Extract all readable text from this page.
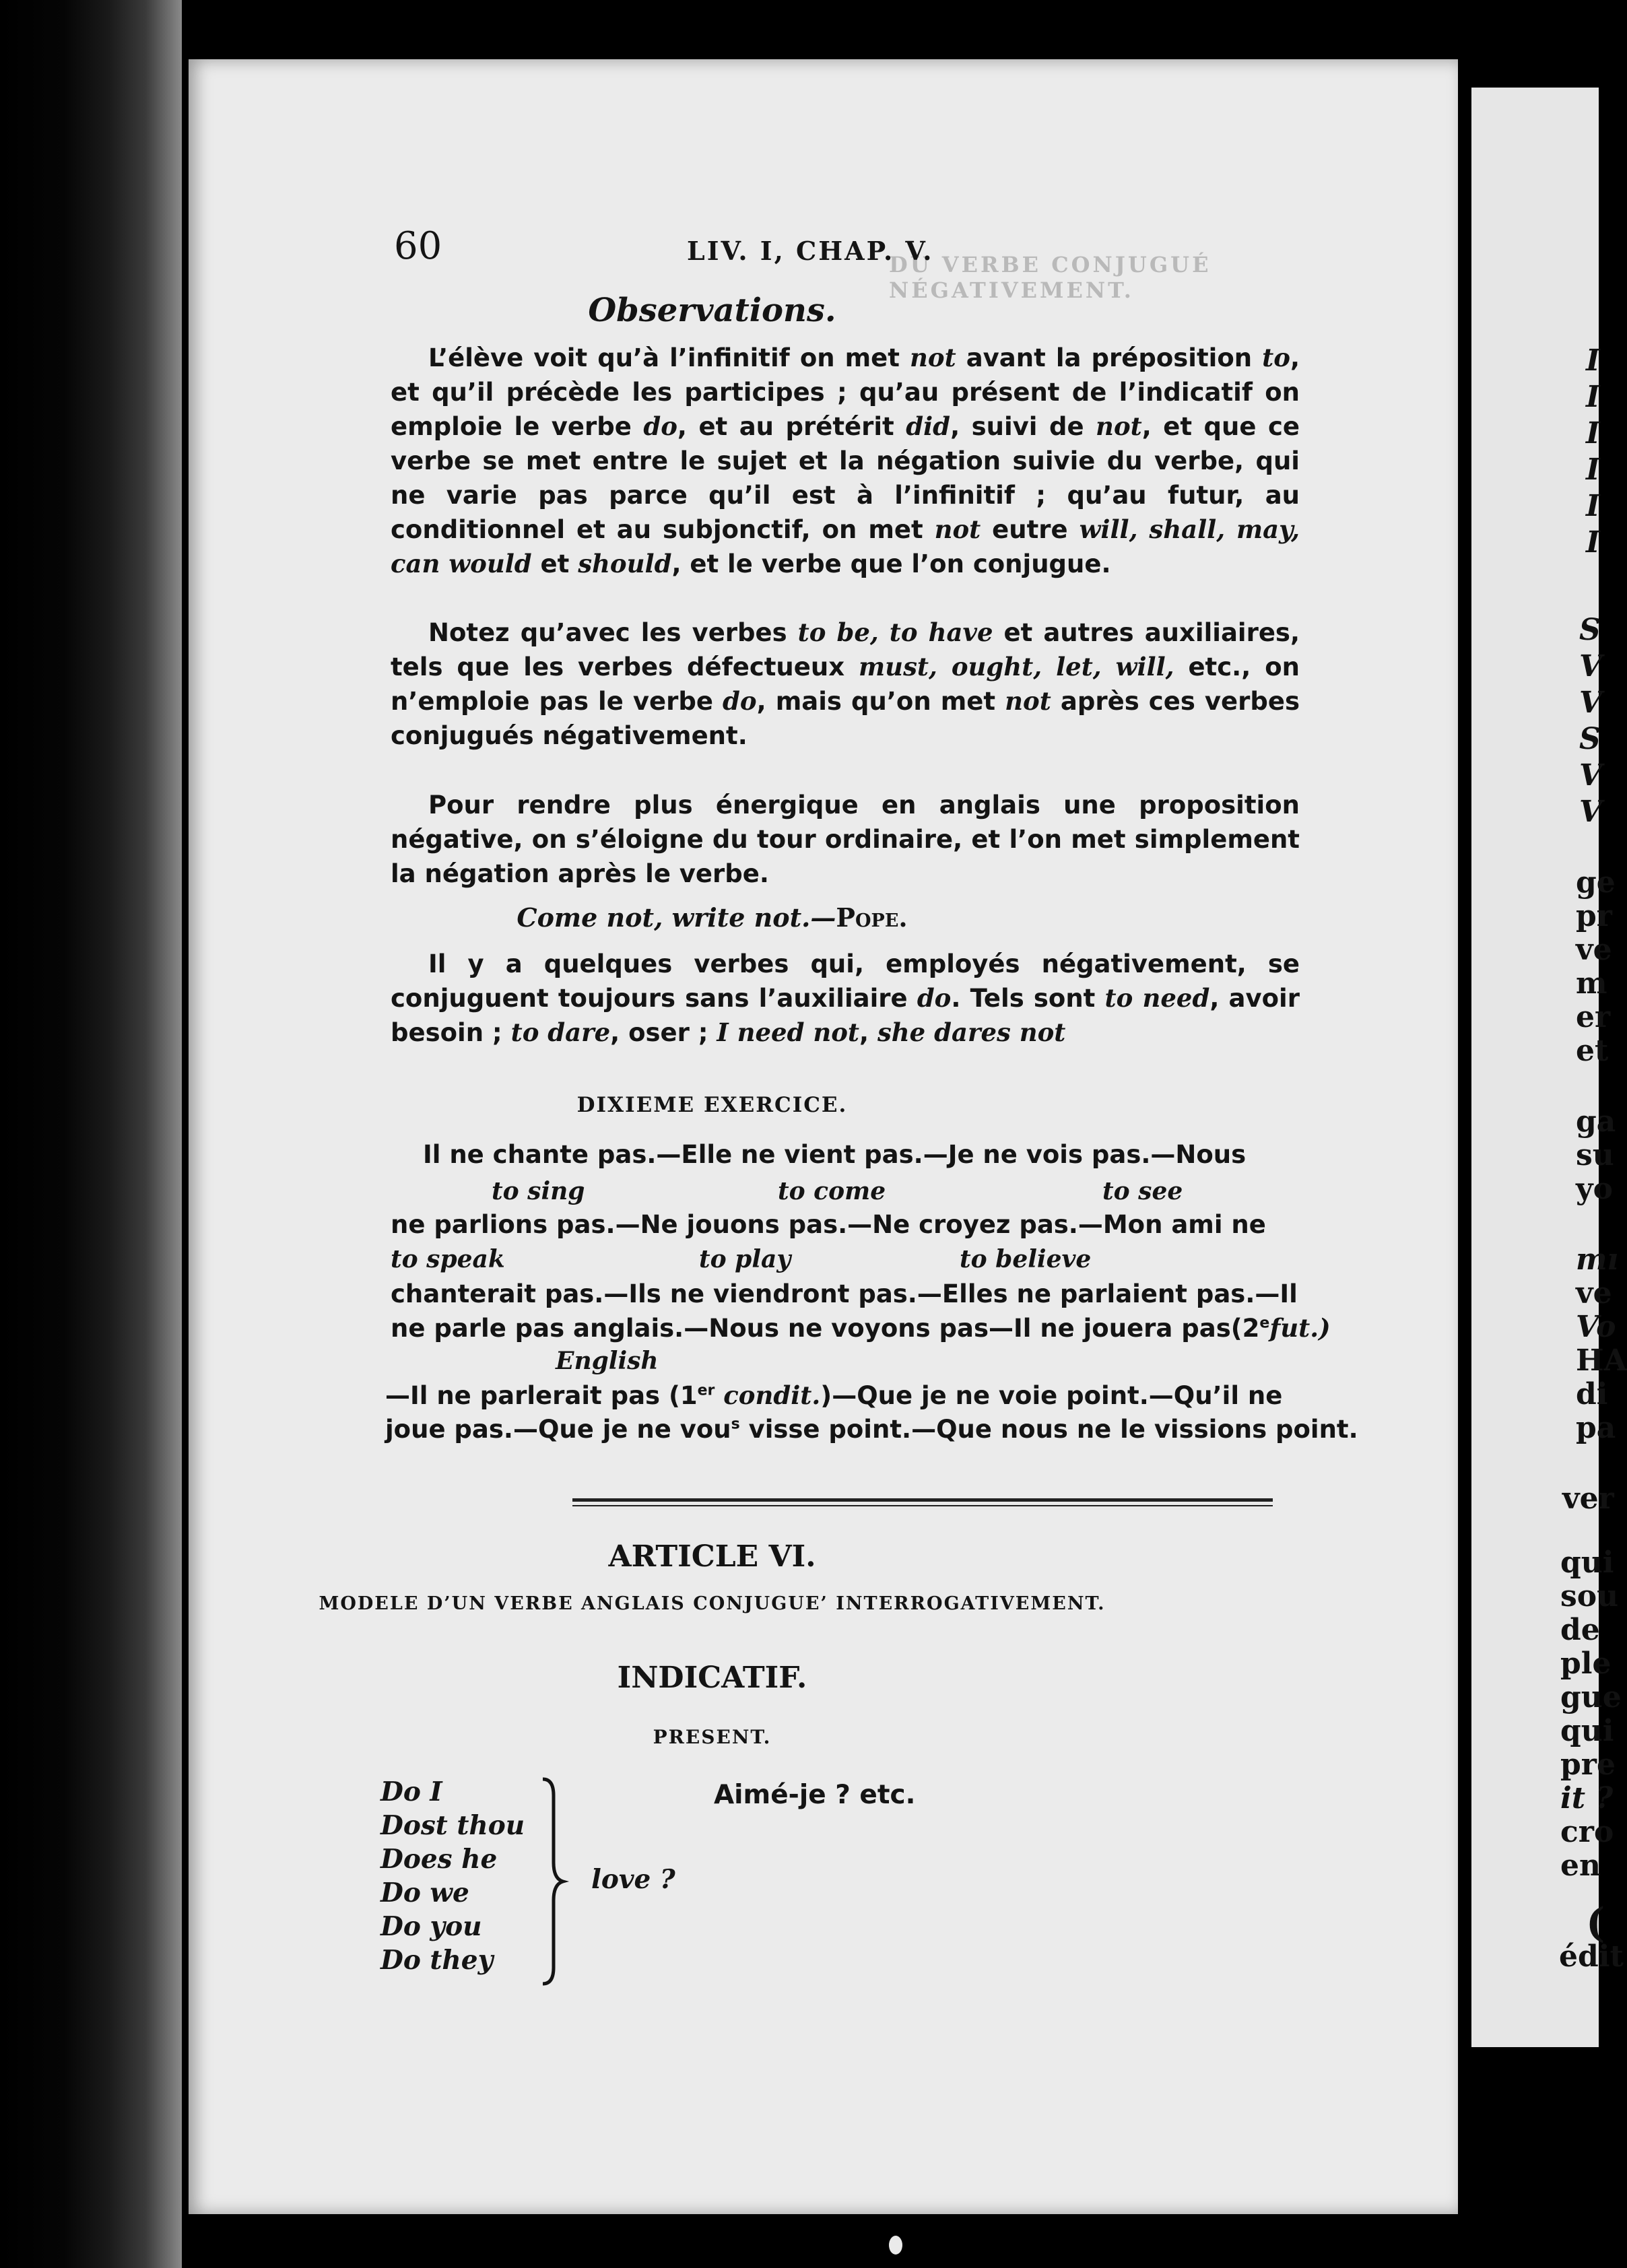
DU VERBE CONJUGUÉ NÉGATIVEMENT.
60	LIV. I, CHAP. V.
Observations.
L’élève voit qu’à l’infinitif on met not avant la préposition to, et qu’il précède les participes ; qu’au présent de l’indicatif on emploie le verbe do, et au prétérit did, suivi de not, et que ce verbe se met entre le sujet et la négation suivie du verbe, qui ne varie pas parce qu’il est à l’infinitif ; qu’au futur, au conditionnel et au subjonctif, on met not eutre will, shall, may, can would et should, et le verbe que l’on conjugue.
Notez qu’avec les verbes to be, to have et autres auxiliaires, tels que les verbes défectueux must, ought, let, will, etc., on n’emploie pas le verbe do, mais qu’on met not après ces verbes conjugués négativement.
Pour rendre plus énergique en anglais une proposition négative, on s’éloigne du tour ordinaire, et l’on met simplement la négation après le verbe.
Come not, write not.—Pope.
Il y a quelques verbes qui, employés négativement, se conjuguent toujours sans l’auxiliaire do. Tels sont to need, avoir besoin ; to dare, oser ; I need not, she dares not
DIXIEME EXERCICE.
Il ne chante pas.—Elle ne vient pas.—Je ne vois pas.—Nous
to sing	to come	to see
ne parlions pas.—Ne jouons pas.—Ne croyez pas.—Mon ami ne
to speak	to play	to believe
chanterait pas.—Ils ne viendront pas.—Elles ne parlaient pas.—Il
ne parle pas anglais.—Nous ne voyons pas—Il ne jouera pas(2efut.)
English
—Il ne parlerait pas (1er condit.)—Que je ne voie point.—Qu’il ne
joue pas.—Que je ne vou$^s$ visse point.—Que nous ne le vissions point.
ARTICLE VI.
MODELE D’UN VERBE ANGLAIS CONJUGUE’ INTERROGATIVEMENT.
INDICATIF.
PRESENT.
Do I
Dost thou
Does he
Do we
Do you
Do they
love ?
Aimé-je ? etc.
I
I
I
I
I
I
S
V
V
S
V
V
ge
pr
ve
m
er
et
ga
su
yo
mı
ve
Vo
HA
di
pa
ver
qui
sou
de
ple
gue
qui
pre
it ?
cro
en
(
édit
